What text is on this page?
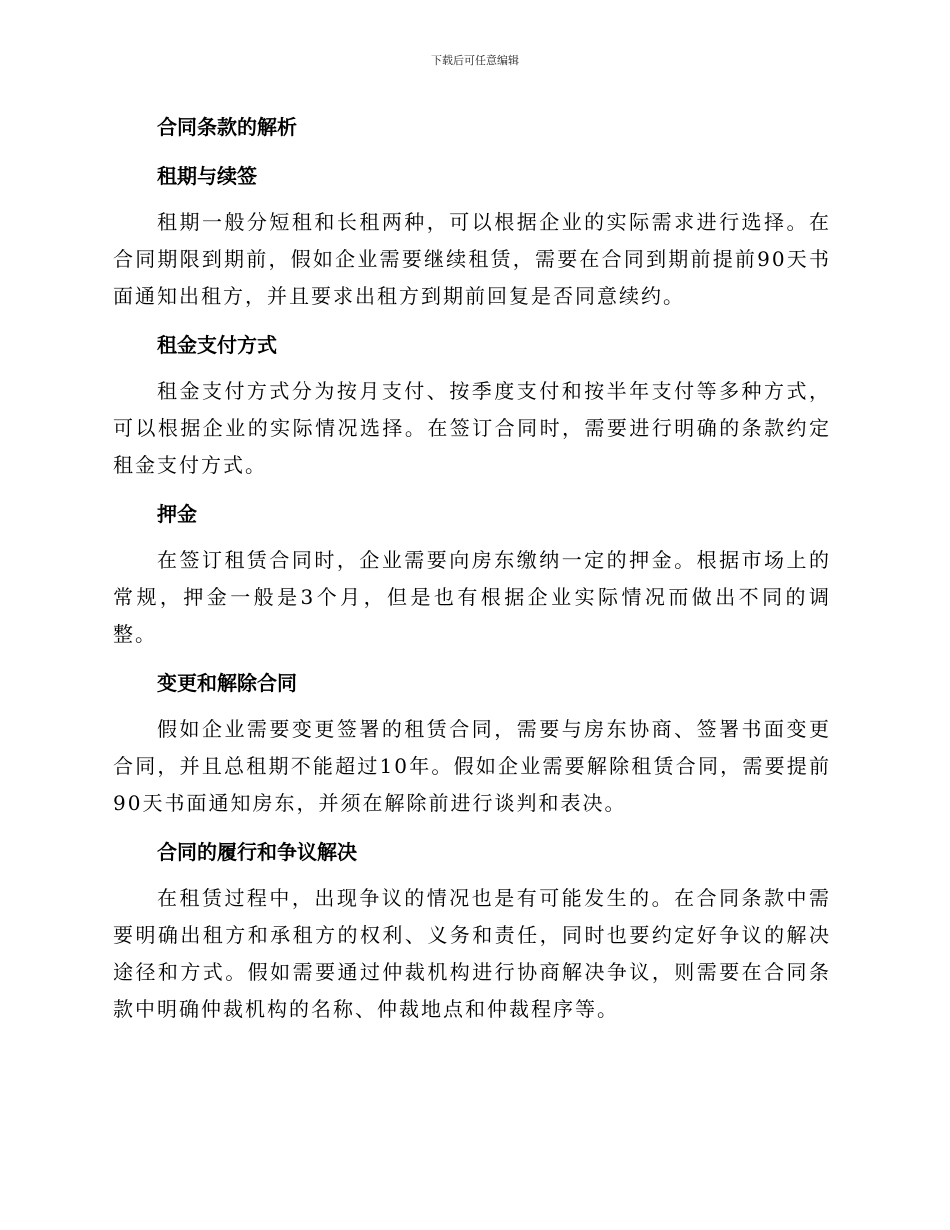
下载后可任意编辑
合同条款的解析
租期与续签

租期一般分短租和长租两种，可以根据企业的实际需求进行选择。在合同期限到期前，假如企业需要继续租赁，需要在合同到期前提前90天书面通知出租方，并且要求出租方到期前回复是否同意续约。

租金支付方式

租金支付方式分为按月支付、按季度支付和按半年支付等多种方式，可以根据企业的实际情况选择。在签订合同时，需要进行明确的条款约定租金支付方式。

押金

在签订租赁合同时，企业需要向房东缴纳一定的押金。根据市场上的常规，押金一般是3个月，但是也有根据企业实际情况而做出不同的调整。

变更和解除合同

假如企业需要变更签署的租赁合同，需要与房东协商、签署书面变更合同，并且总租期不能超过10年。假如企业需要解除租赁合同，需要提前90天书面通知房东，并须在解除前进行谈判和表决。

合同的履行和争议解决

在租赁过程中，出现争议的情况也是有可能发生的。在合同条款中需要明确出租方和承租方的权利、义务和责任，同时也要约定好争议的解决途径和方式。假如需要通过仲裁机构进行协商解决争议，则需要在合同条款中明确仲裁机构的名称、仲裁地点和仲裁程序等。
